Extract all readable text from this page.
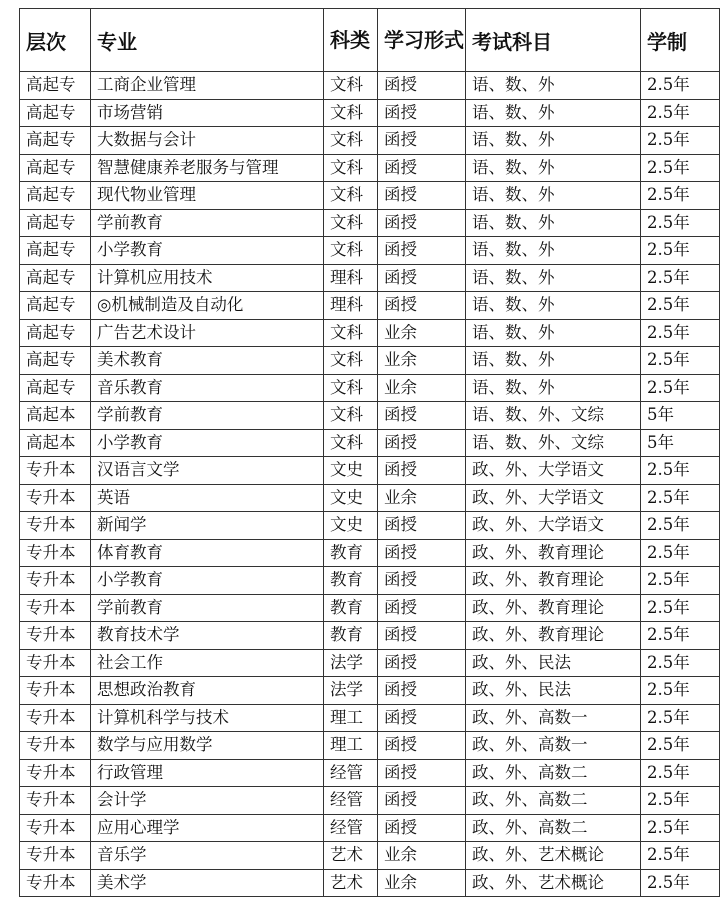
层次	专业	科类	学习形式	考试科目	学制
高起专	工商企业管理	文科	函授	语、数、外	2.5年
高起专	市场营销	文科	函授	语、数、外	2.5年
高起专	大数据与会计	文科	函授	语、数、外	2.5年
高起专	智慧健康养老服务与管理	文科	函授	语、数、外	2.5年
高起专	现代物业管理	文科	函授	语、数、外	2.5年
高起专	学前教育	文科	函授	语、数、外	2.5年
高起专	小学教育	文科	函授	语、数、外	2.5年
高起专	计算机应用技术	理科	函授	语、数、外	2.5年
高起专	◎机械制造及自动化	理科	函授	语、数、外	2.5年
高起专	广告艺术设计	文科	业余	语、数、外	2.5年
高起专	美术教育	文科	业余	语、数、外	2.5年
高起专	音乐教育	文科	业余	语、数、外	2.5年
高起本	学前教育	文科	函授	语、数、外、文综	5年
高起本	小学教育	文科	函授	语、数、外、文综	5年
专升本	汉语言文学	文史	函授	政、外、大学语文	2.5年
专升本	英语	文史	业余	政、外、大学语文	2.5年
专升本	新闻学	文史	函授	政、外、大学语文	2.5年
专升本	体育教育	教育	函授	政、外、教育理论	2.5年
专升本	小学教育	教育	函授	政、外、教育理论	2.5年
专升本	学前教育	教育	函授	政、外、教育理论	2.5年
专升本	教育技术学	教育	函授	政、外、教育理论	2.5年
专升本	社会工作	法学	函授	政、外、民法	2.5年
专升本	思想政治教育	法学	函授	政、外、民法	2.5年
专升本	计算机科学与技术	理工	函授	政、外、高数一	2.5年
专升本	数学与应用数学	理工	函授	政、外、高数一	2.5年
专升本	行政管理	经管	函授	政、外、高数二	2.5年
专升本	会计学	经管	函授	政、外、高数二	2.5年
专升本	应用心理学	经管	函授	政、外、高数二	2.5年
专升本	音乐学	艺术	业余	政、外、艺术概论	2.5年
专升本	美术学	艺术	业余	政、外、艺术概论	2.5年
